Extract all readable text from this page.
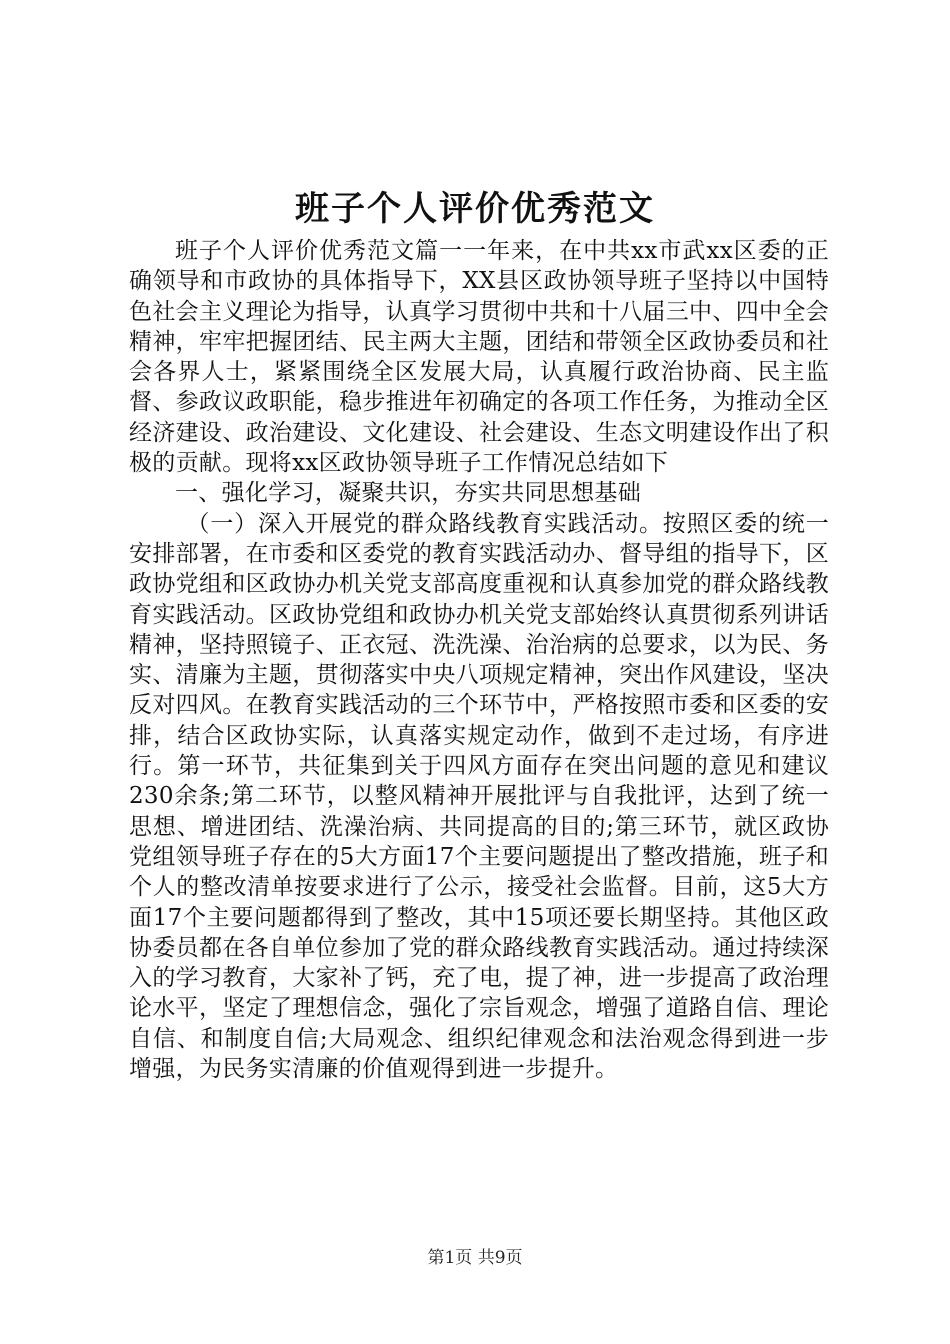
班子个人评价优秀范文

班子个人评价优秀范文篇一一年来，在中共xx市武xx区委的正确领导和市政协的具体指导下，XX县区政协领导班子坚持以中国特色社会主义理论为指导，认真学习贯彻中共和十八届三中、四中全会精神，牢牢把握团结、民主两大主题，团结和带领全区政协委员和社会各界人士，紧紧围绕全区发展大局，认真履行政治协商、民主监督、参政议政职能，稳步推进年初确定的各项工作任务，为推动全区经济建设、政治建设、文化建设、社会建设、生态文明建设作出了积极的贡献。现将xx区政协领导班子工作情况总结如下

一、强化学习，凝聚共识，夯实共同思想基础

（一）深入开展党的群众路线教育实践活动。按照区委的统一安排部署，在市委和区委党的教育实践活动办、督导组的指导下，区政协党组和区政协办机关党支部高度重视和认真参加党的群众路线教育实践活动。区政协党组和政协办机关党支部始终认真贯彻系列讲话精神，坚持照镜子、正衣冠、洗洗澡、治治病的总要求，以为民、务实、清廉为主题，贯彻落实中央八项规定精神，突出作风建设，坚决反对四风。在教育实践活动的三个环节中，严格按照市委和区委的安排，结合区政协实际，认真落实规定动作，做到不走过场，有序进行。第一环节，共征集到关于四风方面存在突出问题的意见和建议230余条;第二环节，以整风精神开展批评与自我批评，达到了统一思想、增进团结、洗澡治病、共同提高的目的;第三环节，就区政协党组领导班子存在的5大方面17个主要问题提出了整改措施，班子和个人的整改清单按要求进行了公示，接受社会监督。目前，这5大方面17个主要问题都得到了整改，其中15项还要长期坚持。其他区政协委员都在各自单位参加了党的群众路线教育实践活动。通过持续深入的学习教育，大家补了钙，充了电，提了神，进一步提高了政治理论水平，坚定了理想信念，强化了宗旨观念，增强了道路自信、理论自信、和制度自信;大局观念、组织纪律观念和法治观念得到进一步增强，为民务实清廉的价值观得到进一步提升。

第1页 共9页
